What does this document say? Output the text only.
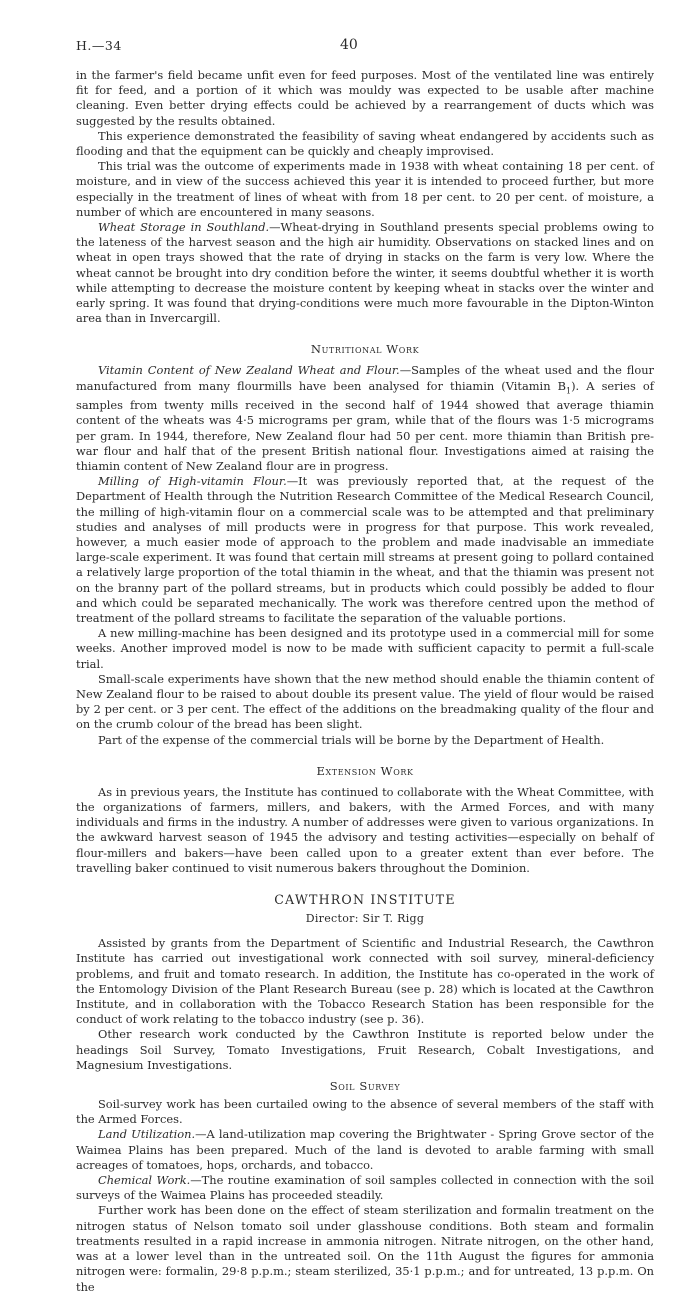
H.—34	40

in the farmer's field became unfit even for feed purposes. Most of the ventilated line was entirely fit for feed, and a portion of it which was mouldy was expected to be usable after machine cleaning. Even better drying effects could be achieved by a rearrangement of ducts which was suggested by the results obtained.

This experience demonstrated the feasibility of saving wheat endangered by accidents such as flooding and that the equipment can be quickly and cheaply improvised.

This trial was the outcome of experiments made in 1938 with wheat containing 18 per cent. of moisture, and in view of the success achieved this year it is intended to proceed further, but more especially in the treatment of lines of wheat with from 18 per cent. to 20 per cent. of moisture, a number of which are encountered in many seasons.

Wheat Storage in Southland.—Wheat-drying in Southland presents special problems owing to the lateness of the harvest season and the high air humidity. Observations on stacked lines and on wheat in open trays showed that the rate of drying in stacks on the farm is very low. Where the wheat cannot be brought into dry condition before the winter, it seems doubtful whether it is worth while attempting to decrease the moisture content by keeping wheat in stacks over the winter and early spring. It was found that drying-conditions were much more favourable in the Dipton-Winton area than in Invercargill.

Nutritional Work

Vitamin Content of New Zealand Wheat and Flour.—Samples of the wheat used and the flour manufactured from many flourmills have been analysed for thiamin (Vitamin $B_1$). A series of samples from twenty mills received in the second half of 1944 showed that average thiamin content of the wheats was 4·5 micrograms per gram, while that of the flours was 1·5 micrograms per gram. In 1944, therefore, New Zealand flour had 50 per cent. more thiamin than British pre-war flour and half that of the present British national flour. Investigations aimed at raising the thiamin content of New Zealand flour are in progress.

Milling of High-vitamin Flour.—It was previously reported that, at the request of the Department of Health through the Nutrition Research Committee of the Medical Research Council, the milling of high-vitamin flour on a commercial scale was to be attempted and that preliminary studies and analyses of mill products were in progress for that purpose. This work revealed, however, a much easier mode of approach to the problem and made inadvisable an immediate large-scale experiment. It was found that certain mill streams at present going to pollard contained a relatively large proportion of the total thiamin in the wheat, and that the thiamin was present not on the branny part of the pollard streams, but in products which could possibly be added to flour and which could be separated mechanically. The work was therefore centred upon the method of treatment of the pollard streams to facilitate the separation of the valuable portions.

A new milling-machine has been designed and its prototype used in a commercial mill for some weeks. Another improved model is now to be made with sufficient capacity to permit a full-scale trial.

Small-scale experiments have shown that the new method should enable the thiamin content of New Zealand flour to be raised to about double its present value. The yield of flour would be raised by 2 per cent. or 3 per cent. The effect of the additions on the breadmaking quality of the flour and on the crumb colour of the bread has been slight.

Part of the expense of the commercial trials will be borne by the Department of Health.

Extension Work

As in previous years, the Institute has continued to collaborate with the Wheat Committee, with the organizations of farmers, millers, and bakers, with the Armed Forces, and with many individuals and firms in the industry. A number of addresses were given to various organizations. In the awkward harvest season of 1945 the advisory and testing activities—especially on behalf of flour-millers and bakers—have been called upon to a greater extent than ever before. The travelling baker continued to visit numerous bakers throughout the Dominion.

CAWTHRON INSTITUTE
Director: Sir T. Rigg

Assisted by grants from the Department of Scientific and Industrial Research, the Cawthron Institute has carried out investigational work connected with soil survey, mineral-deficiency problems, and fruit and tomato research. In addition, the Institute has co-operated in the work of the Entomology Division of the Plant Research Bureau (see p. 28) which is located at the Cawthron Institute, and in collaboration with the Tobacco Research Station has been responsible for the conduct of work relating to the tobacco industry (see p. 36).

Other research work conducted by the Cawthron Institute is reported below under the headings Soil Survey, Tomato Investigations, Fruit Research, Cobalt Investigations, and Magnesium Investigations.

Soil Survey

Soil-survey work has been curtailed owing to the absence of several members of the staff with the Armed Forces.

Land Utilization.—A land-utilization map covering the Brightwater - Spring Grove sector of the Waimea Plains has been prepared. Much of the land is devoted to arable farming with small acreages of tomatoes, hops, orchards, and tobacco.

Chemical Work.—The routine examination of soil samples collected in connection with the soil surveys of the Waimea Plains has proceeded steadily.

Further work has been done on the effect of steam sterilization and formalin treatment on the nitrogen status of Nelson tomato soil under glasshouse conditions. Both steam and formalin treatments resulted in a rapid increase in ammonia nitrogen. Nitrate nitrogen, on the other hand, was at a lower level than in the untreated soil. On the 11th August the figures for ammonia nitrogen were: formalin, 29·8 p.p.m.; steam sterilized, 35·1 p.p.m.; and for untreated, 13 p.p.m. On the
